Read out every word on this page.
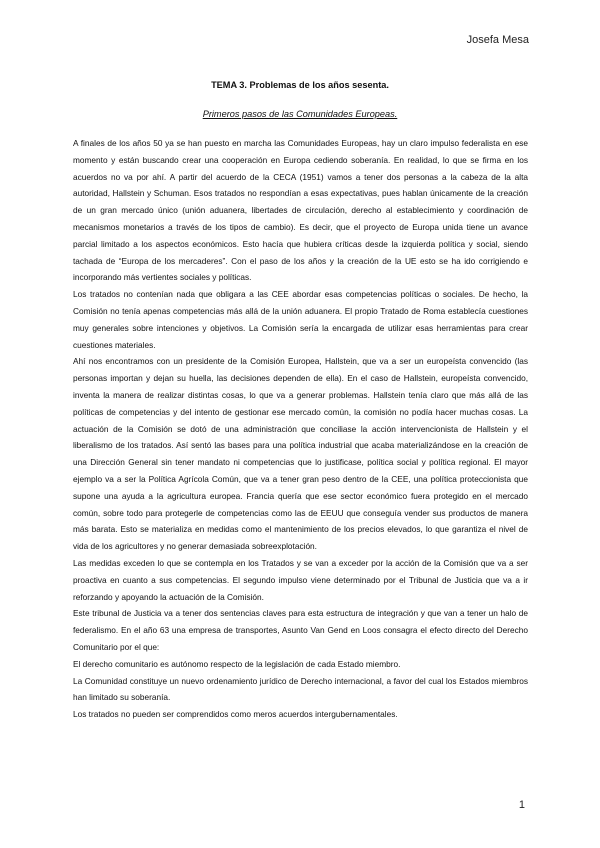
Josefa Mesa
TEMA 3. Problemas de los años sesenta.
Primeros pasos de las Comunidades Europeas.

A finales de los años 50 ya se han puesto en marcha las Comunidades Europeas, hay un claro impulso federalista en ese momento y están buscando crear una cooperación en Europa cediendo soberanía. En realidad, lo que se firma en los acuerdos no va por ahí. A partir del acuerdo de la CECA (1951) vamos a tener dos personas a la cabeza de la alta autoridad, Hallstein y Schuman. Esos tratados no respondían a esas expectativas, pues hablan únicamente de la creación de un gran mercado único (unión aduanera, libertades de circulación, derecho al establecimiento y coordinación de mecanismos monetarios a través de los tipos de cambio). Es decir, que el proyecto de Europa unida tiene un avance parcial limitado a los aspectos económicos. Esto hacía que hubiera críticas desde la izquierda política y social, siendo tachada de “Europa de los mercaderes”. Con el paso de los años y la creación de la UE esto se ha ido corrigiendo e incorporando más vertientes sociales y políticas.

Los tratados no contenían nada que obligara a las CEE abordar esas competencias políticas o sociales. De hecho, la Comisión no tenía apenas competencias más allá de la unión aduanera. El propio Tratado de Roma establecía cuestiones muy generales sobre intenciones y objetivos. La Comisión sería la encargada de utilizar esas herramientas para crear cuestiones materiales.

Ahí nos encontramos con un presidente de la Comisión Europea, Hallstein, que va a ser un europeísta convencido (las personas importan y dejan su huella, las decisiones dependen de ella). En el caso de Hallstein, europeísta convencido, inventa la manera de realizar distintas cosas, lo que va a generar problemas. Hallstein tenía claro que más allá de las políticas de competencias y del intento de gestionar ese mercado común, la comisión no podía hacer muchas cosas. La actuación de la Comisión se dotó de una administración que conciliase la acción intervencionista de Hallstein y el liberalismo de los tratados. Así sentó las bases para una política industrial que acaba materializándose en la creación de una Dirección General sin tener mandato ni competencias que lo justificase, política social y política regional. El mayor ejemplo va a ser la Política Agrícola Común, que va a tener gran peso dentro de la CEE, una política proteccionista que supone una ayuda a la agricultura europea. Francia quería que ese sector económico fuera protegido en el mercado común, sobre todo para protegerle de competencias como las de EEUU que conseguía vender sus productos de manera más barata. Esto se materializa en medidas como el mantenimiento de los precios elevados, lo que garantiza el nivel de vida de los agricultores y no generar demasiada sobreexplotación.

Las medidas exceden lo que se contempla en los Tratados y se van a exceder por la acción de la Comisión que va a ser proactiva en cuanto a sus competencias. El segundo impulso viene determinado por el Tribunal de Justicia que va a ir reforzando y apoyando la actuación de la Comisión.

Este tribunal de Justicia va a tener dos sentencias claves para esta estructura de integración y que van a tener un halo de federalismo. En el año 63 una empresa de transportes, Asunto Van Gend en Loos consagra el efecto directo del Derecho Comunitario por el que:

El derecho comunitario es autónomo respecto de la legislación de cada Estado miembro.

La Comunidad constituye un nuevo ordenamiento jurídico de Derecho internacional, a favor del cual los Estados miembros han limitado su soberanía.

Los tratados no pueden ser comprendidos como meros acuerdos intergubernamentales.

1
